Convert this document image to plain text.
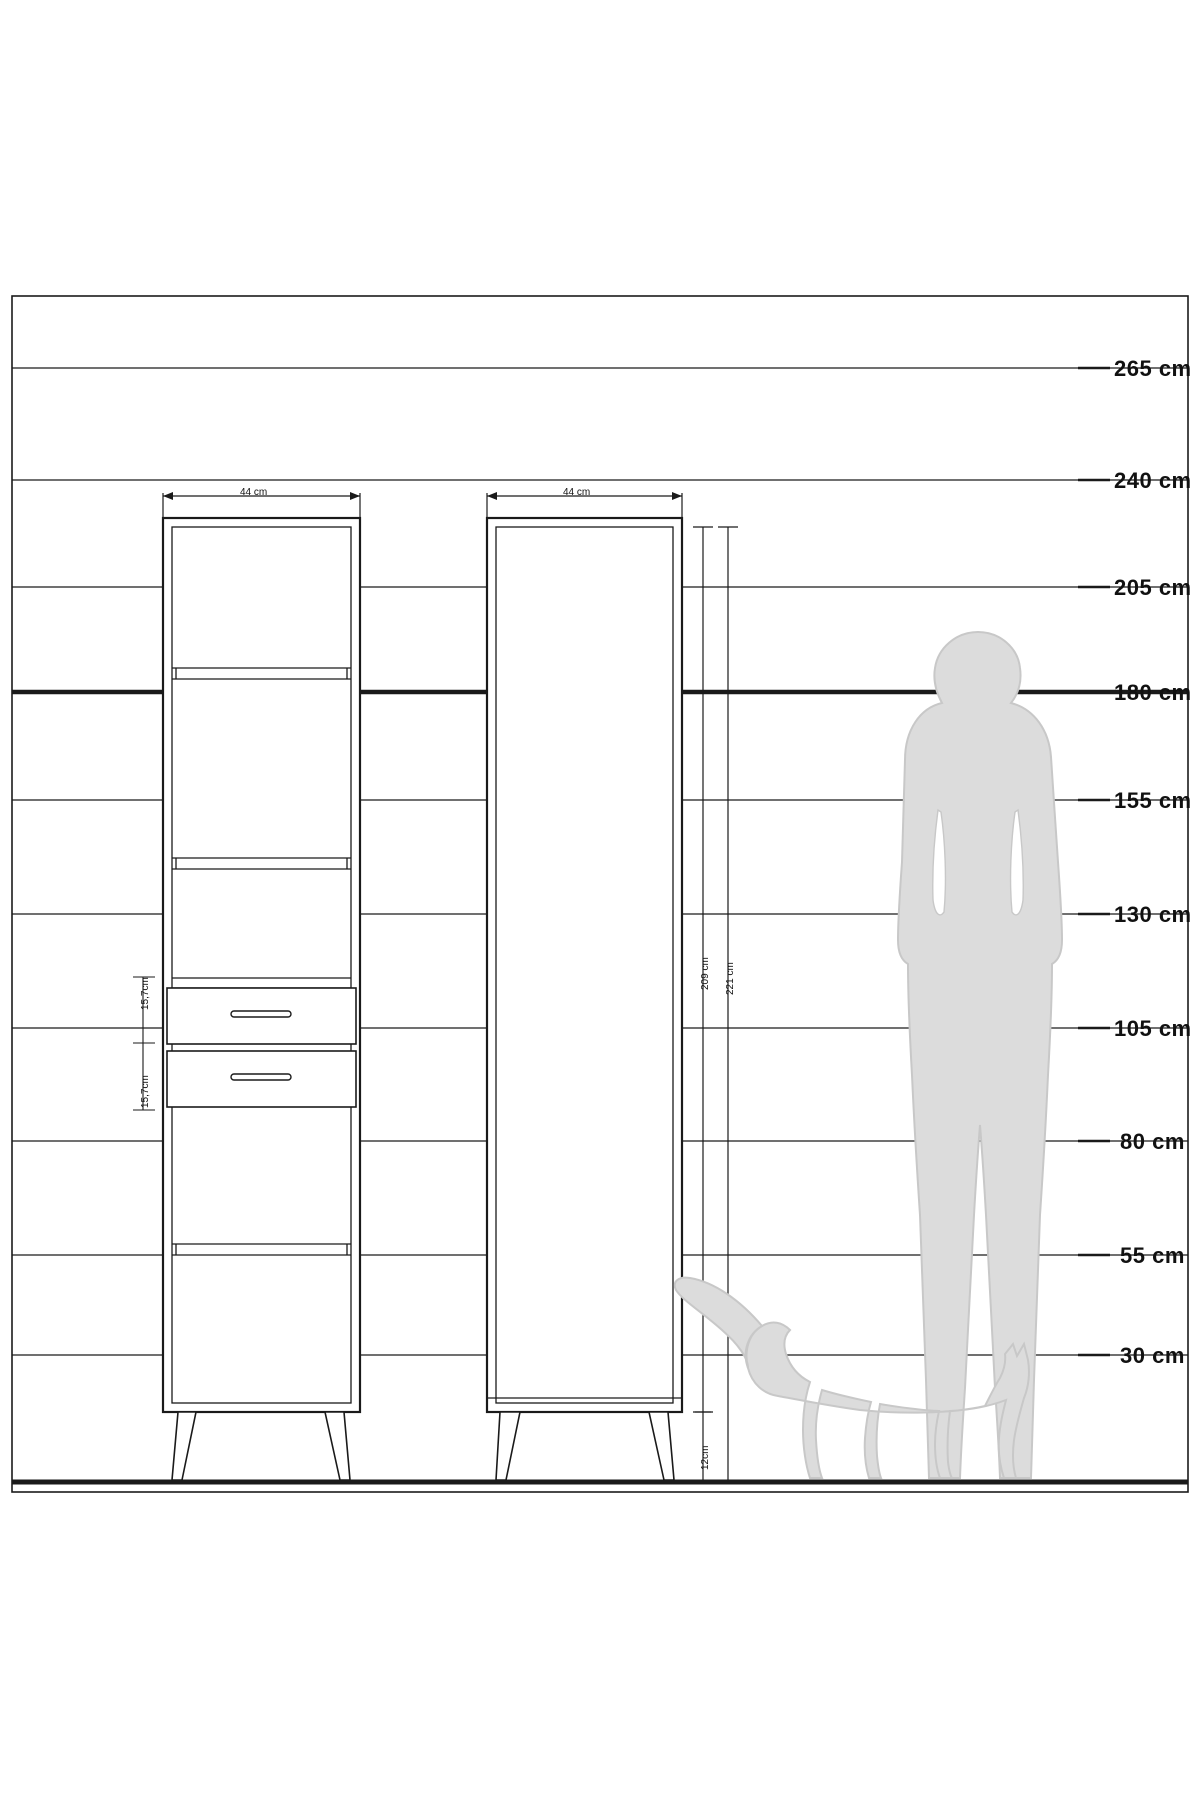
265 cm
240 cm
205 cm
180 cm
155 cm
130 cm
105 cm
80 cm
55 cm
30 cm
44 cm	44 cm
15,7cm
15,7cm
209 cm 221 cm
12cm
